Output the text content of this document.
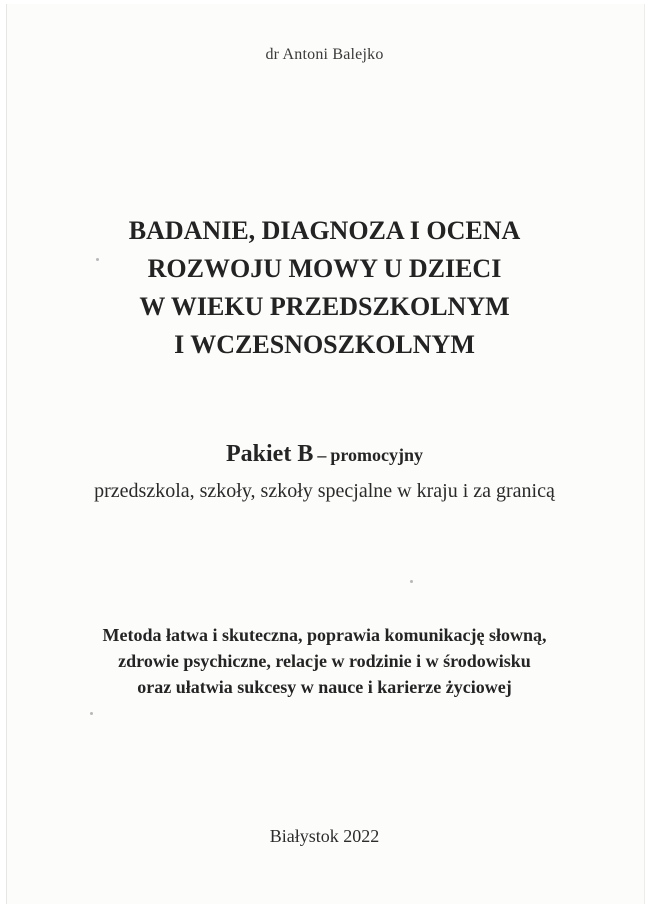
dr Antoni Balejko

BADANIE, DIAGNOZA I OCENA
ROZWOJU MOWY U DZIECI
W WIEKU PRZEDSZKOLNYM
I WCZESNOSZKOLNYM

Pakiet B – promocyjny

przedszkola, szkoły, szkoły specjalne w kraju i za granicą

Metoda łatwa i skuteczna, poprawia komunikację słowną,
zdrowie psychiczne, relacje w rodzinie i w środowisku
oraz ułatwia sukcesy w nauce i karierze życiowej

Białystok 2022
